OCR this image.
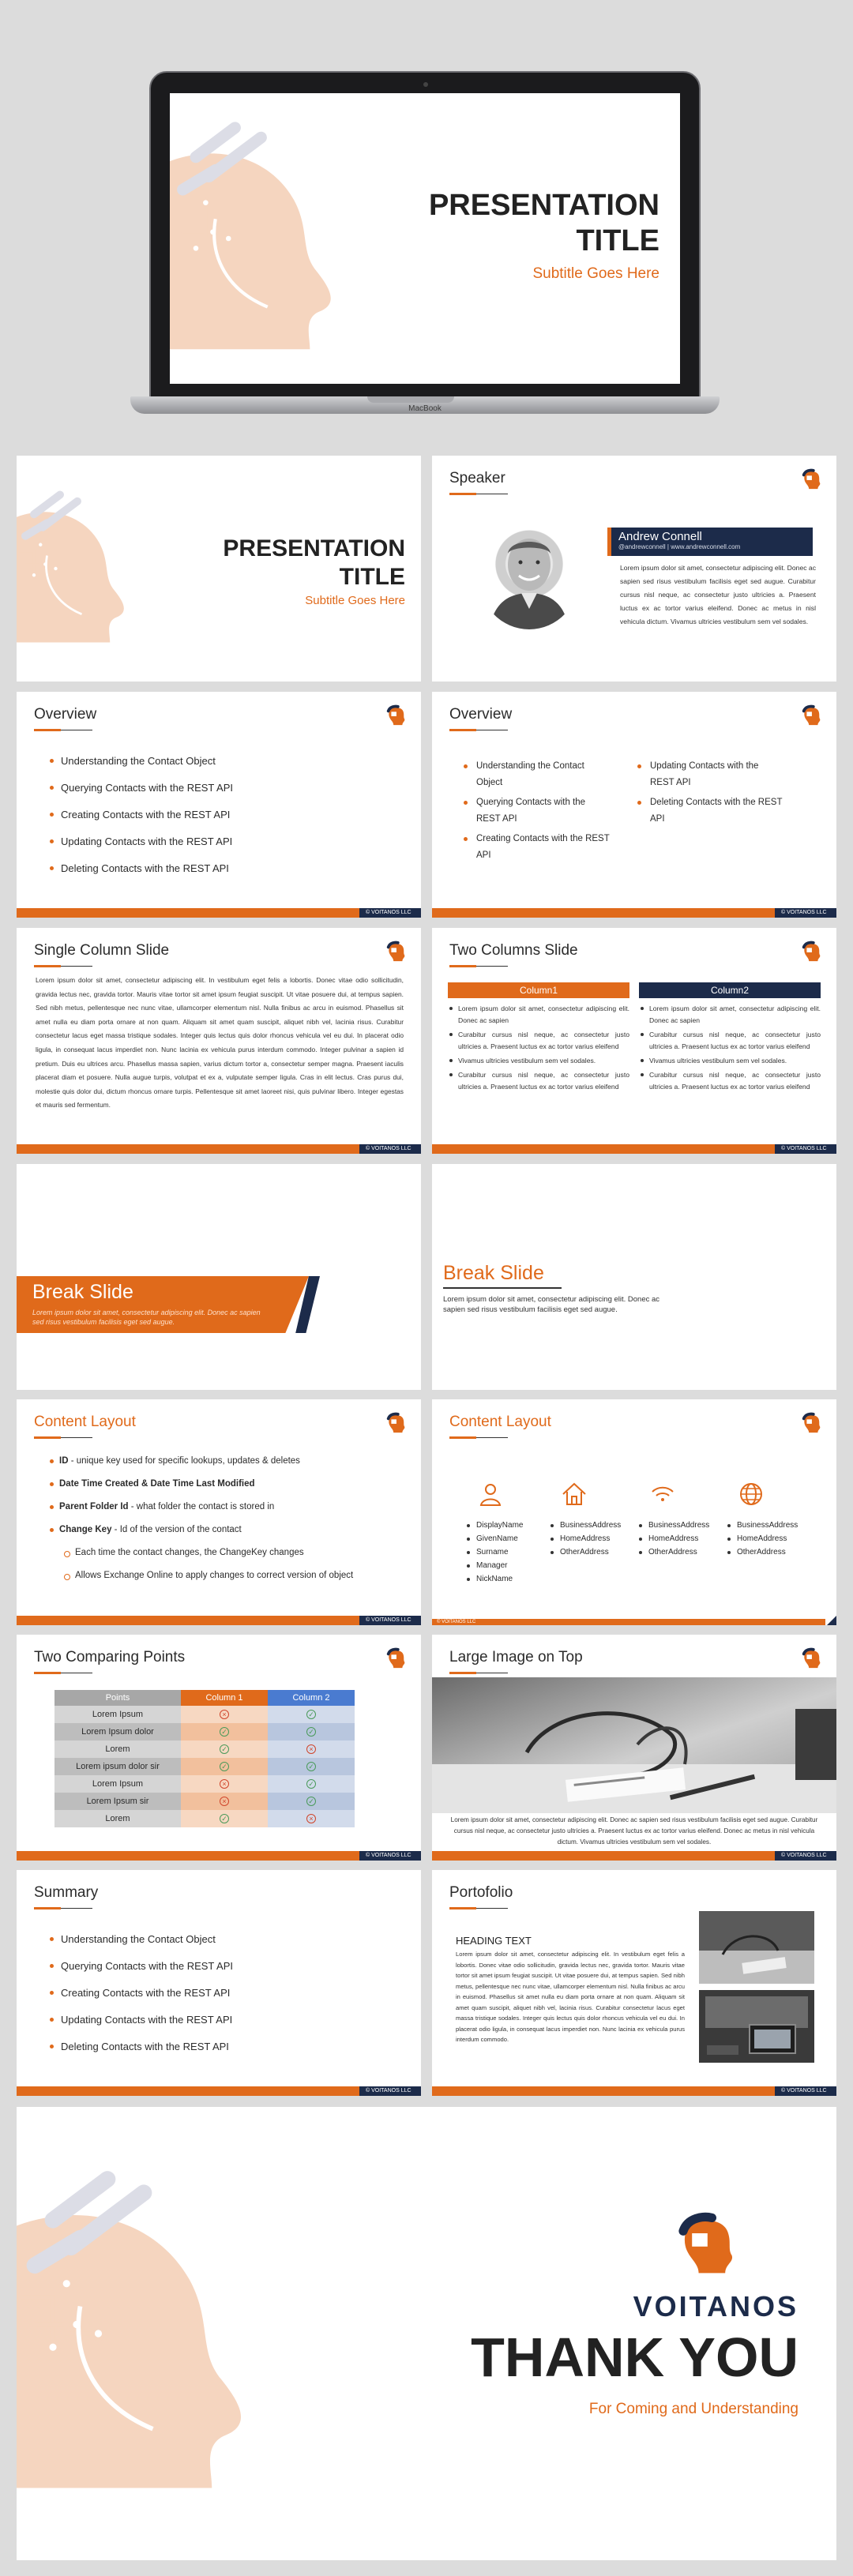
PRESENTATION
TITLE
Subtitle Goes Here
MacBook
PRESENTATION
TITLE
Subtitle Goes Here
Speaker
Andrew Connell
@andrewconnell | www.andrewconnell.com
Lorem ipsum dolor sit amet, consectetur adipiscing elit. Donec ac sapien sed risus vestibulum facilisis eget sed augue. Curabitur cursus nisl neque, ac consectetur justo ultricies a. Praesent luctus ex ac tortor varius eleifend. Donec ac metus in nisl vehicula dictum. Vivamus ultricies vestibulum sem vel sodales.
Overview
Understanding the Contact Object
Querying Contacts with the REST API
Creating Contacts with the REST API
Updating Contacts with the REST API
Deleting Contacts with the REST API
© VOITANOS LLC
Overview
Understanding the Contact Object
Querying Contacts with the REST API
Creating Contacts with the REST API
Updating Contacts with the REST API
Deleting Contacts with the REST API
© VOITANOS LLC
Single Column Slide
Lorem ipsum dolor sit amet, consectetur adipiscing elit. In vestibulum eget felis a lobortis. Donec vitae odio sollicitudin, gravida lectus nec, gravida tortor. Mauris vitae tortor sit amet ipsum feugiat suscipit. Ut vitae posuere dui, at tempus sapien. Sed nibh metus, pellentesque nec nunc vitae, ullamcorper elementum nisl. Nulla finibus ac arcu in euismod. Phasellus sit amet nulla eu diam porta ornare at non quam. Aliquam sit amet quam suscipit, aliquet nibh vel, lacinia risus. Curabitur consectetur lacus eget massa tristique sodales. Integer quis lectus quis dolor rhoncus vehicula vel eu dui. In placerat odio ligula, in consequat lacus imperdiet non. Nunc lacinia ex vehicula purus interdum commodo. Integer pulvinar a sapien id pretium. Duis eu ultrices arcu. Phasellus massa sapien, varius dictum tortor a, consectetur semper magna. Praesent iaculis placerat diam et posuere. Nulla augue turpis, volutpat et ex a, vulputate semper ligula. Cras in elit lectus. Cras purus dui, molestie quis dolor dui, dictum rhoncus ornare turpis. Pellentesque sit amet laoreet nisi, quis pulvinar libero. Integer egestas et mauris sed fermentum.
© VOITANOS LLC
Two Columns Slide
Column1	Column2
Lorem ipsum dolor sit amet, consectetur adipiscing elit. Donec ac sapien
Curabitur cursus nisl neque, ac consectetur justo ultricies a. Praesent luctus ex ac tortor varius eleifend
Vivamus ultricies vestibulum sem vel sodales.
Curabitur cursus nisl neque, ac consectetur justo ultricies a. Praesent luctus ex ac tortor varius eleifend
Lorem ipsum dolor sit amet, consectetur adipiscing elit. Donec ac sapien
Curabitur cursus nisl neque, ac consectetur justo ultricies a. Praesent luctus ex ac tortor varius eleifend
Vivamus ultricies vestibulum sem vel sodales.
Curabitur cursus nisl neque, ac consectetur justo ultricies a. Praesent luctus ex ac tortor varius eleifend
© VOITANOS LLC
Break Slide
Lorem ipsum dolor sit amet, consectetur adipiscing elit. Donec ac sapien sed risus vestibulum facilisis eget sed augue.
Break Slide
Lorem ipsum dolor sit amet, consectetur adipiscing elit. Donec ac sapien sed risus vestibulum facilisis eget sed augue.
Content Layout
ID - unique key used for specific lookups, updates & deletes
Date Time Created & Date Time Last Modified
Parent Folder Id - what folder the contact is stored in
Change Key - Id of the version of the contact
Each time the contact changes, the ChangeKey changes
Allows Exchange Online to apply changes to correct version of object
© VOITANOS LLC
Content Layout
DisplayName
GivenName
Surname
Manager
NickName
BusinessAddress
HomeAddress
OtherAddress
BusinessAddress
HomeAddress
OtherAddress
BusinessAddress
HomeAddress
OtherAddress
© VOITANOS LLC
Two Comparing Points
Points	Column 1	Column 2
Lorem Ipsum	×	✓
Lorem Ipsum dolor	✓	✓
Lorem	✓	×
Lorem ipsum dolor sir	✓	✓
Lorem Ipsum	×	✓
Lorem Ipsum sir	×	✓
Lorem	✓	×
© VOITANOS LLC
Large Image on Top
Lorem ipsum dolor sit amet, consectetur adipiscing elit. Donec ac sapien sed risus vestibulum facilisis eget sed augue. Curabitur cursus nisl neque, ac consectetur justo ultricies a. Praesent luctus ex ac tortor varius eleifend. Donec ac metus in nisl vehicula dictum. Vivamus ultricies vestibulum sem vel sodales.
© VOITANOS LLC
Summary
Understanding the Contact Object
Querying Contacts with the REST API
Creating Contacts with the REST API
Updating Contacts with the REST API
Deleting Contacts with the REST API
© VOITANOS LLC
Portofolio
HEADING TEXT
Lorem ipsum dolor sit amet, consectetur adipiscing elit. In vestibulum eget felis a lobortis. Donec vitae odio sollicitudin, gravida lectus nec, gravida tortor. Mauris vitae tortor sit amet ipsum feugiat suscipit. Ut vitae posuere dui, at tempus sapien. Sed nibh metus, pellentesque nec nunc vitae, ullamcorper elementum nisl. Nulla finibus ac arcu in euismod. Phasellus sit amet nulla eu diam porta ornare at non quam. Aliquam sit amet quam suscipit, aliquet nibh vel, lacinia risus. Curabitur consectetur lacus eget massa tristique sodales. Integer quis lectus quis dolor rhoncus vehicula vel eu dui. In placerat odio ligula, in consequat lacus imperdiet non. Nunc lacinia ex vehicula purus interdum commodo.
© VOITANOS LLC
VOITANOS
THANK YOU
For Coming and Understanding
